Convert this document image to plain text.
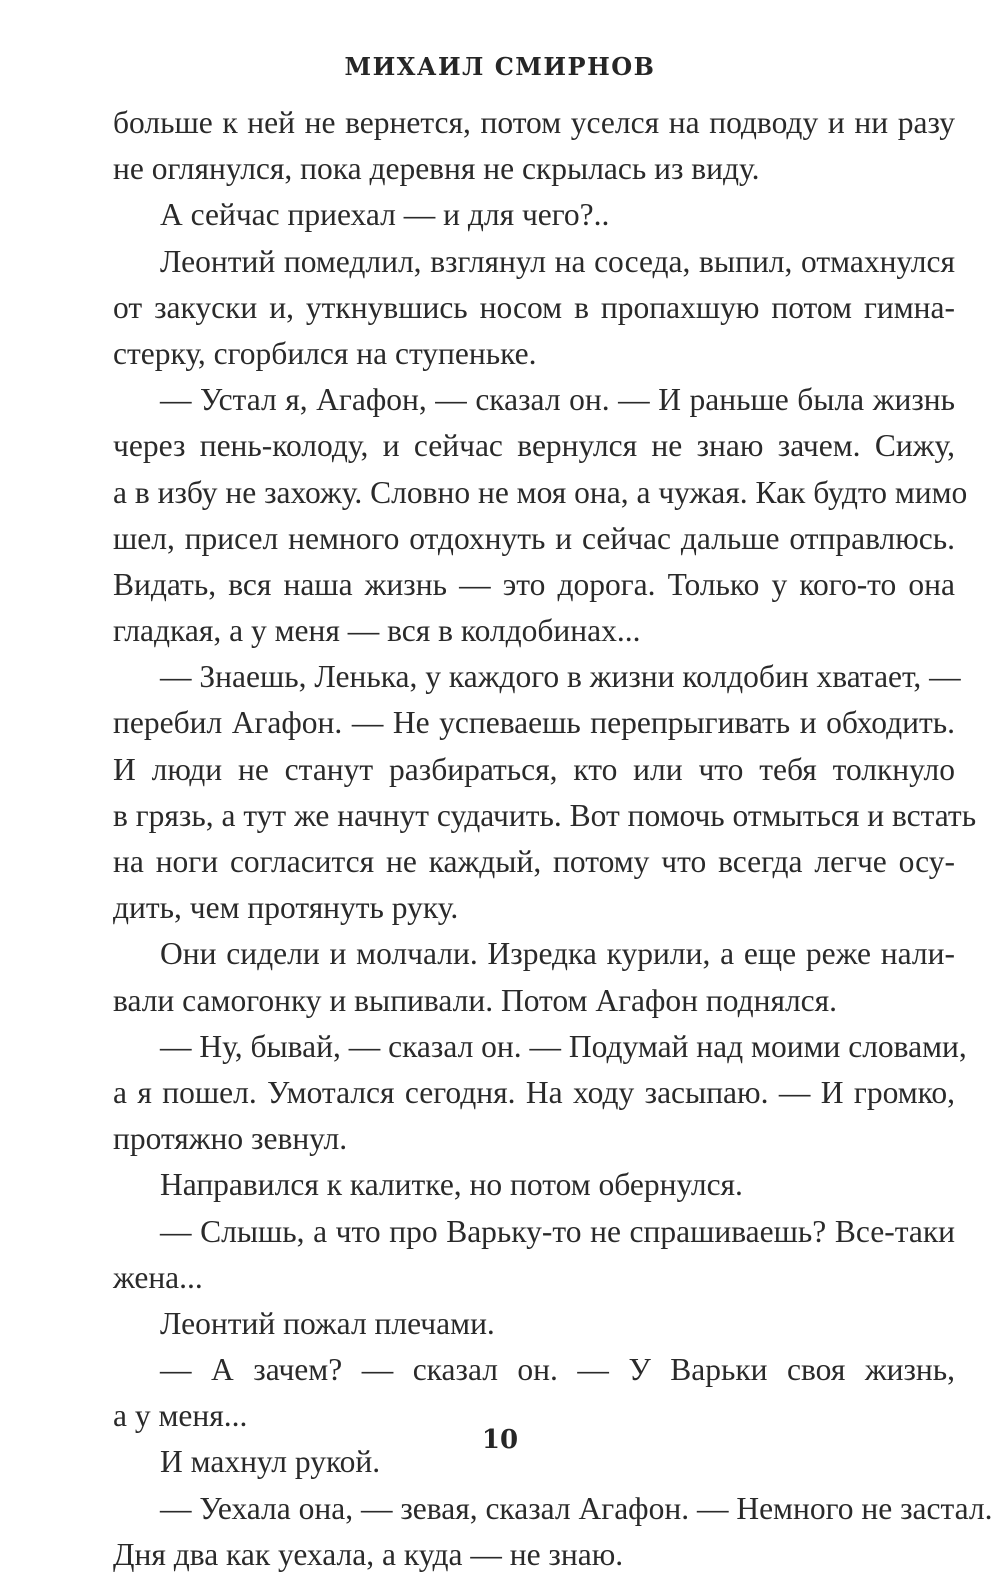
МИХАИЛ СМИРНОВ
больше к ней не вернется, потом уселся на подводу и ни разу
не оглянулся, пока деревня не скрылась из виду.
А сейчас приехал — и для чего?..
Леонтий помедлил, взглянул на соседа, выпил, отмахнулся
от закуски и, уткнувшись носом в пропахшую потом гимна-
стерку, сгорбился на ступеньке.
— Устал я, Агафон, — сказал он. — И раньше была жизнь
через пень-колоду, и сейчас вернулся не знаю зачем. Сижу,
а в избу не захожу. Словно не моя она, а чужая. Как будто мимо
шел, присел немного отдохнуть и сейчас дальше отправлюсь.
Видать, вся наша жизнь — это дорога. Только у кого-то она
гладкая, а у меня — вся в колдобинах...
— Знаешь, Ленька, у каждого в жизни колдобин хватает, —
перебил Агафон. — Не успеваешь перепрыгивать и обходить.
И люди не станут разбираться, кто или что тебя толкнуло
в грязь, а тут же начнут судачить. Вот помочь отмыться и встать
на ноги согласится не каждый, потому что всегда легче осу-
дить, чем протянуть руку.
Они сидели и молчали. Изредка курили, а еще реже нали-
вали самогонку и выпивали. Потом Агафон поднялся.
— Ну, бывай, — сказал он. — Подумай над моими словами,
а я пошел. Умотался сегодня. На ходу засыпаю. — И громко,
протяжно зевнул.
Направился к калитке, но потом обернулся.
— Слышь, а что про Варьку-то не спрашиваешь? Все-таки
жена...
Леонтий пожал плечами.
— А зачем? — сказал он. — У Варьки своя жизнь,
а у меня...
И махнул рукой.
— Уехала она, — зевая, сказал Агафон. — Немного не застал.
Дня два как уехала, а куда — не знаю.
10
